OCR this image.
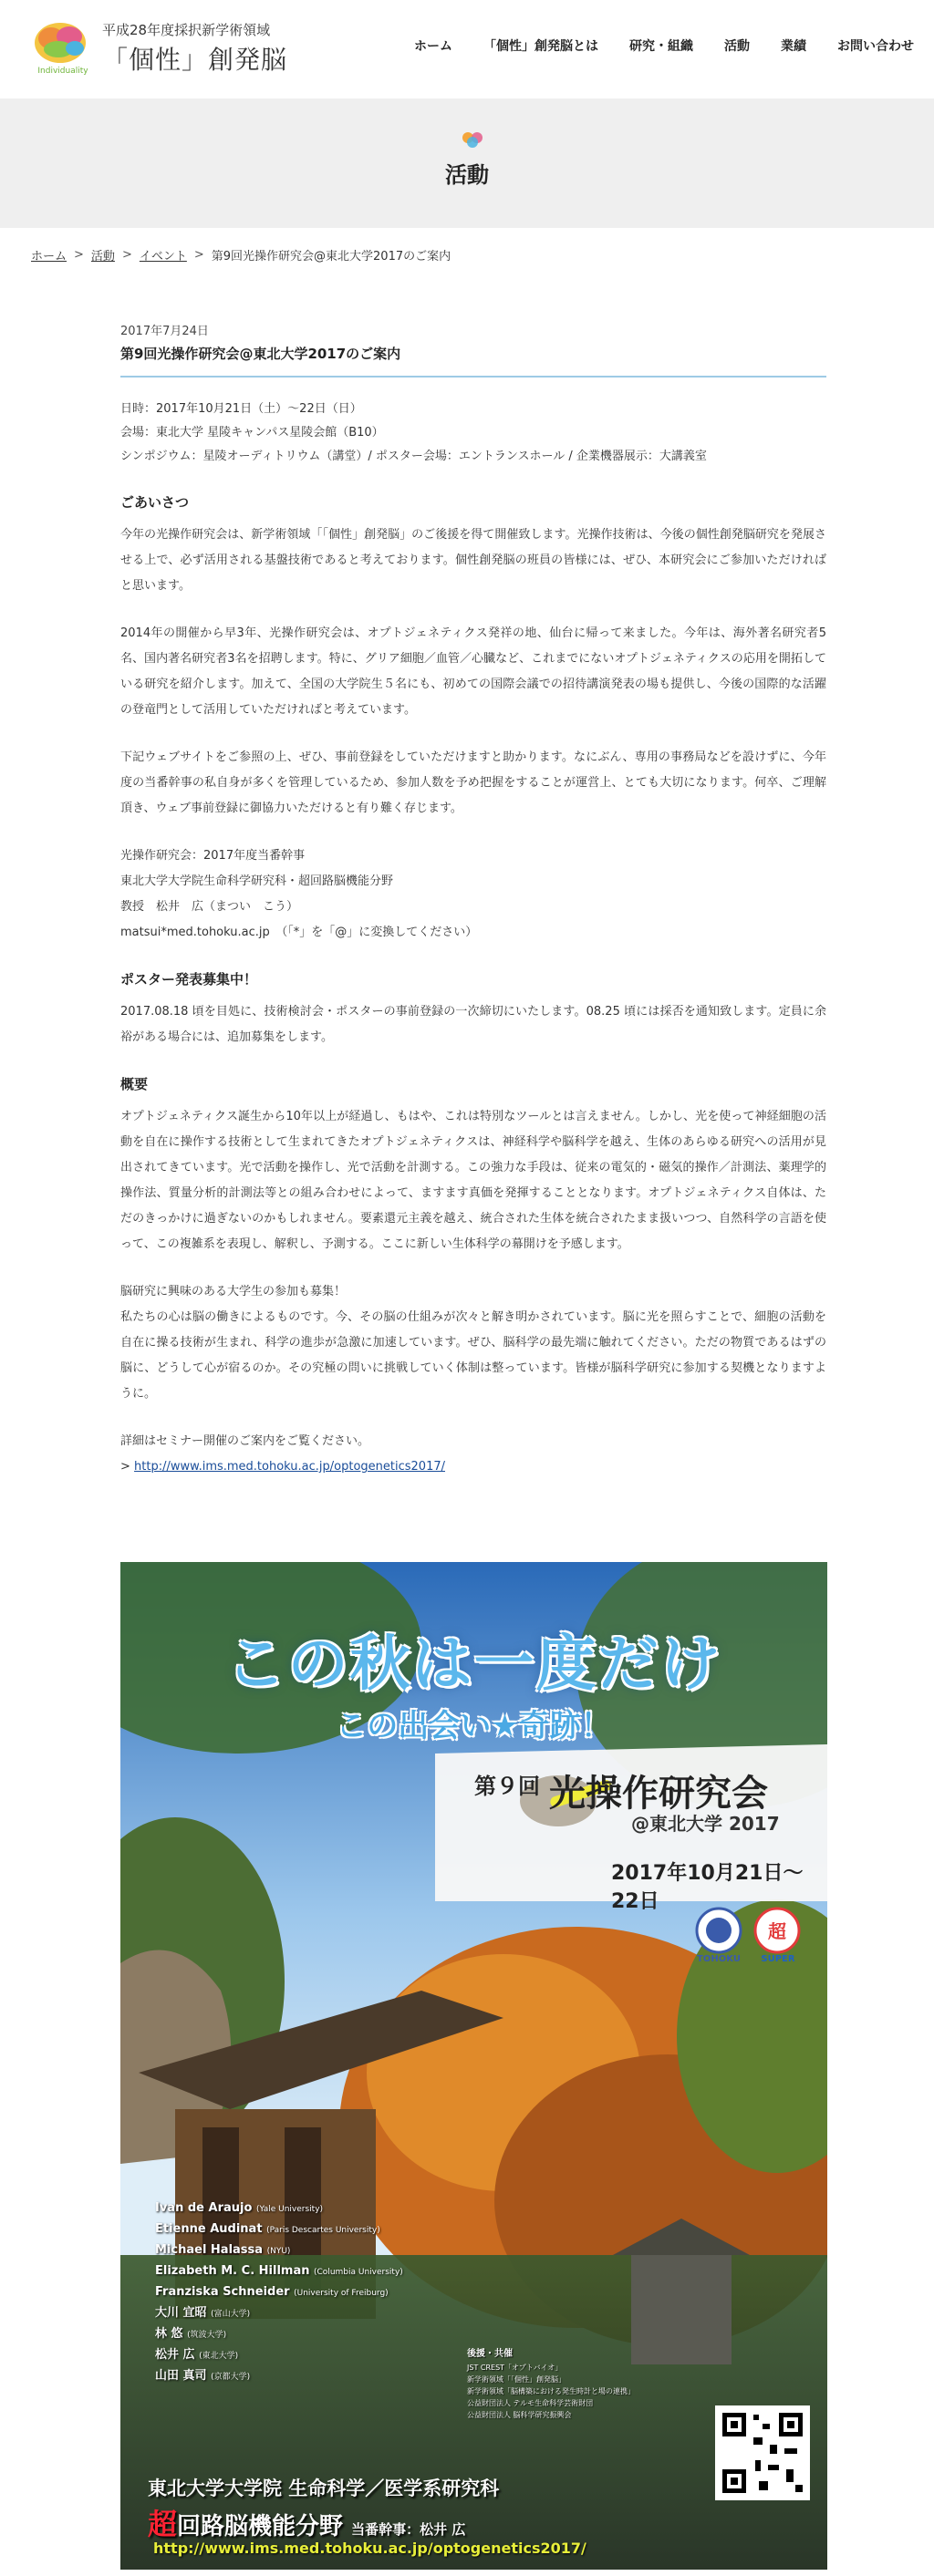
Individuality
平成28年度採択新学術領域
「個性」創発脳	ホーム 「個性」創発脳とは 研究・組織 活動 業績 お問い合わせ
活動
ホーム > 活動 > イベント > 第9回光操作研究会@東北大学2017のご案内
2017年7月24日
第9回光操作研究会@東北大学2017のご案内
日時：2017年10月21日（土）〜22日（日）
会場：東北大学 星陵キャンパス星陵会館（B10）
シンポジウム：星陵オーディトリウム（講堂）/ ポスター会場：エントランスホール / 企業機器展示：大講義室
ごあいさつ

今年の光操作研究会は、新学術領域「「個性」創発脳」のご後援を得て開催致します。光操作技術は、今後の個性創発脳研究を発展させる上で、必ず活用される基盤技術であると考えております。個性創発脳の班員の皆様には、ぜひ、本研究会にご参加いただければと思います。

2014年の開催から早3年、光操作研究会は、オプトジェネティクス発祥の地、仙台に帰って来ました。今年は、海外著名研究者5名、国内著名研究者3名を招聘します。特に、グリア細胞／血管／心臓など、これまでにないオプトジェネティクスの応用を開拓している研究を紹介します。加えて、全国の大学院生５名にも、初めての国際会議での招待講演発表の場も提供し、今後の国際的な活躍の登竜門として活用していただければと考えています。

下記ウェブサイトをご参照の上、ぜひ、事前登録をしていただけますと助かります。なにぶん、専用の事務局などを設けずに、今年度の当番幹事の私自身が多くを管理しているため、参加人数を予め把握をすることが運営上、とても大切になります。何卒、ご理解頂き、ウェブ事前登録に御協力いただけると有り難く存じます。

光操作研究会：2017年度当番幹事
東北大学大学院生命科学研究科・超回路脳機能分野
教授　松井　広（まつい　こう）
matsui*med.tohoku.ac.jp　（「*」を「@」に変換してください）
ポスター発表募集中！

2017.08.18 頃を目処に、技術検討会・ポスターの事前登録の一次締切にいたします。08.25 頃には採否を通知致します。定員に余裕がある場合には、追加募集をします。

概要

オプトジェネティクス誕生から10年以上が経過し、もはや、これは特別なツールとは言えません。しかし、光を使って神経細胞の活動を自在に操作する技術として生まれてきたオプトジェネティクスは、神経科学や脳科学を越え、生体のあらゆる研究への活用が見出されてきています。光で活動を操作し、光で活動を計測する。この強力な手段は、従来の電気的・磁気的操作／計測法、薬理学的操作法、質量分析的計測法等との組み合わせによって、ますます真価を発揮することとなります。オプトジェネティクス自体は、ただのきっかけに過ぎないのかもしれません。要素還元主義を越え、統合された生体を統合されたまま扱いつつ、自然科学の言語を使って、この複雑系を表現し、解釈し、予測する。ここに新しい生体科学の幕開けを予感します。

脳研究に興味のある大学生の参加も募集！
私たちの心は脳の働きによるものです。今、その脳の仕組みが次々と解き明かされています。脳に光を照らすことで、細胞の活動を自在に操る技術が生まれ、科学の進歩が急激に加速しています。ぜひ、脳科学の最先端に触れてください。ただの物質であるはずの脳に、どうして心が宿るのか。その究極の問いに挑戦していく体制は整っています。皆様が脳科学研究に参加する契機となりますように。

詳細はセミナー開催のご案内をご覧ください。
> http://www.ims.med.tohoku.ac.jp/optogenetics2017/
超
この秋は一度だけ
この出会い★奇跡！
第９回 光操作研究会
@東北大学 2017
2017年10月21日〜22日
TOHOKU	SUPER
Ivan de Araujo (Yale University)
Etienne Audinat (Paris Descartes University)
Michael Halassa (NYU)
Elizabeth M. C. Hillman (Columbia University)
Franziska Schneider (University of Freiburg)
大川 宜昭 (富山大学)
林 悠 (筑波大学)
松井 広 (東北大学)
山田 真司 (京都大学)
後援・共催
JST CREST「オプトバイオ」
新学術領域「「個性」創発脳」
新学術領域「脳構築における発生時計と場の連携」
公益財団法人 テルモ生命科学芸術財団
公益財団法人 脳科学研究振興会
東北大学大学院 生命科学／医学系研究科
超回路脳機能分野 当番幹事：松井 広
http://www.ims.med.tohoku.ac.jp/optogenetics2017/
